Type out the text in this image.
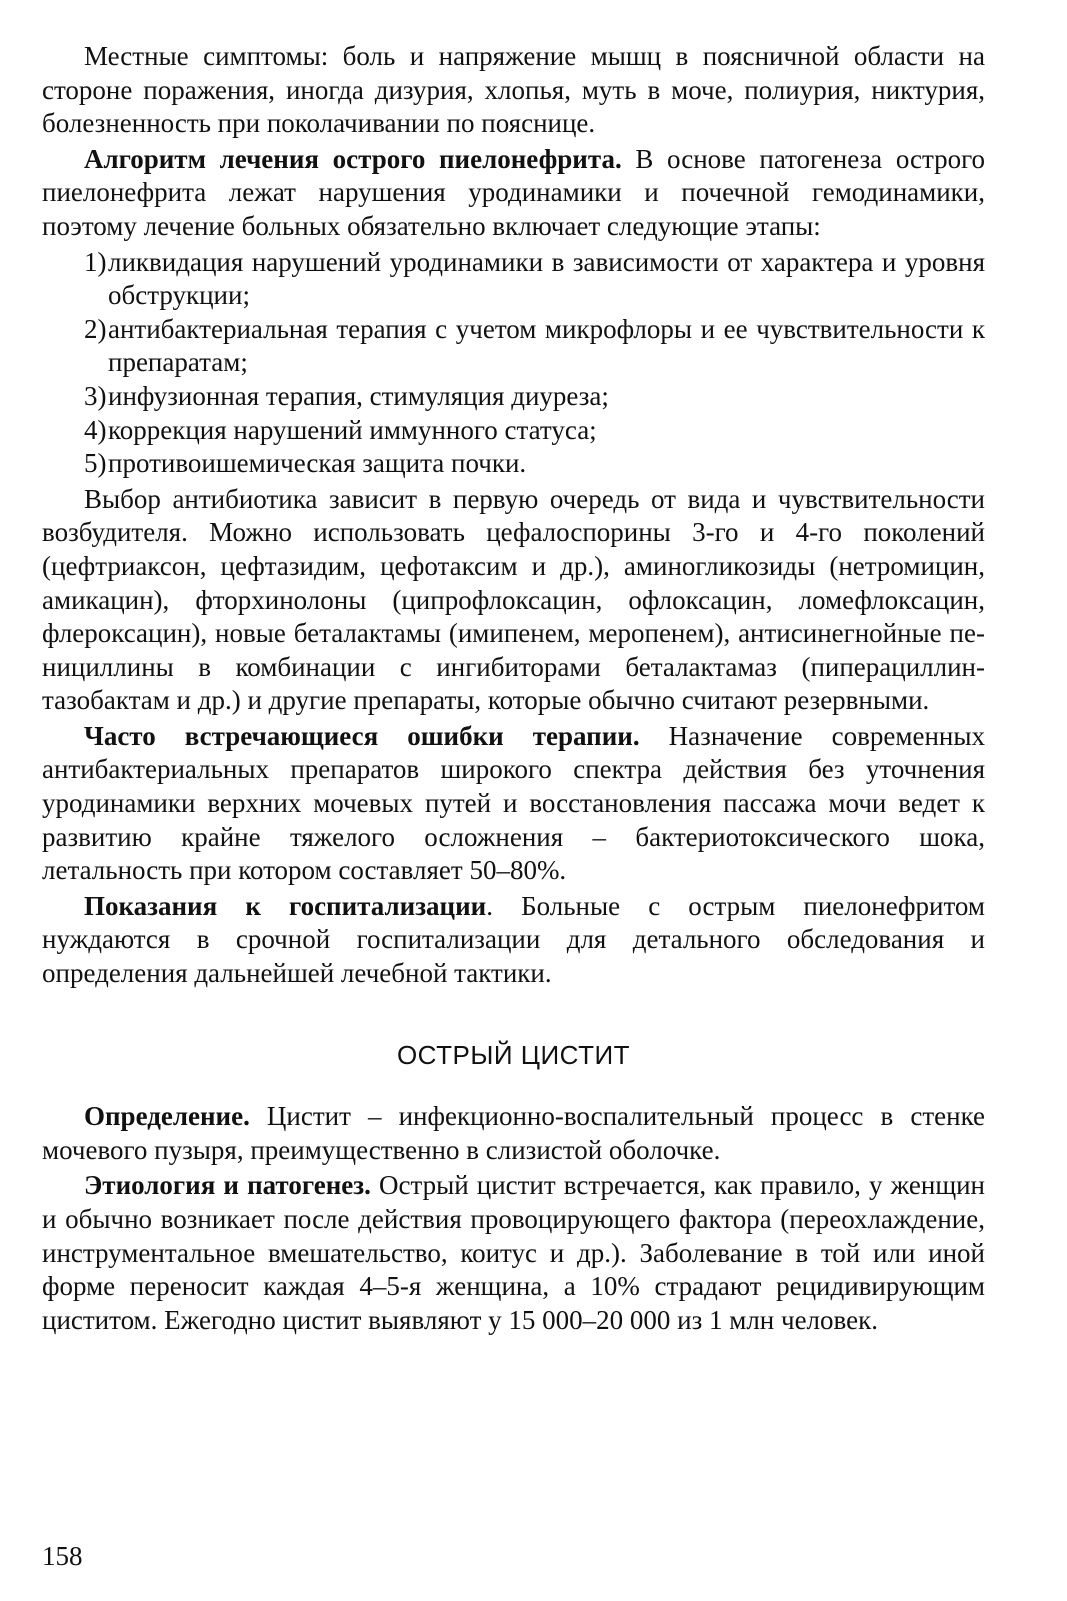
Местные симптомы: боль и напряжение мышц в поясничной области на стороне поражения, иногда дизурия, хлопья, муть в моче, полиурия, никтурия, болезненность при поколачивании по пояснице.

Алгоритм лечения острого пиелонефрита. В основе патогенеза острого пиелонефрита лежат нарушения уродинамики и почечной гемодинамики, поэтому лечение больных обязательно включает следующие этапы:

1) ликвидация нарушений уродинамики в зависимости от характера и уровня обструкции;
2) антибактериальная терапия с учетом микрофлоры и ее чувствительности к препаратам;
3) инфузионная терапия, стимуляция диуреза;
4) коррекция нарушений иммунного статуса;
5) противоишемическая защита почки.

Выбор антибиотика зависит в первую очередь от вида и чувствительности возбудителя. Можно использовать цефалоспорины 3-го и 4-го поколений (цефтриаксон, цефтазидим, цефотаксим и др.), аминогликозиды (нетромицин, амикацин), фторхинолоны (ципрофлоксацин, офлоксацин, ломефлоксацин, флероксацин), новые беталактамы (имипенем, меропенем), антисинегнойные пенициллины в комбинации с ингибиторами беталактамаз (пиперациллин-тазобактам и др.) и другие препараты, которые обычно считают резервными.

Часто встречающиеся ошибки терапии. Назначение современных антибактериальных препаратов широкого спектра действия без уточнения уродинамики верхних мочевых путей и восстановления пассажа мочи ведет к развитию крайне тяжелого осложнения – бактериотоксического шока, летальность при котором составляет 50–80%.

Показания к госпитализации. Больные с острым пиелонефритом нуждаются в срочной госпитализации для детального обследования и определения дальнейшей лечебной тактики.

ОСТРЫЙ ЦИСТИТ

Определение. Цистит – инфекционно-воспалительный процесс в стенке мочевого пузыря, преимущественно в слизистой оболочке.

Этиология и патогенез. Острый цистит встречается, как правило, у женщин и обычно возникает после действия провоцирующего фактора (переохлаждение, инструментальное вмешательство, коитус и др.). Заболевание в той или иной форме переносит каждая 4–5-я женщина, а 10% страдают рецидивирующим циститом. Ежегодно цистит выявляют у 15 000–20 000 из 1 млн человек.

158
